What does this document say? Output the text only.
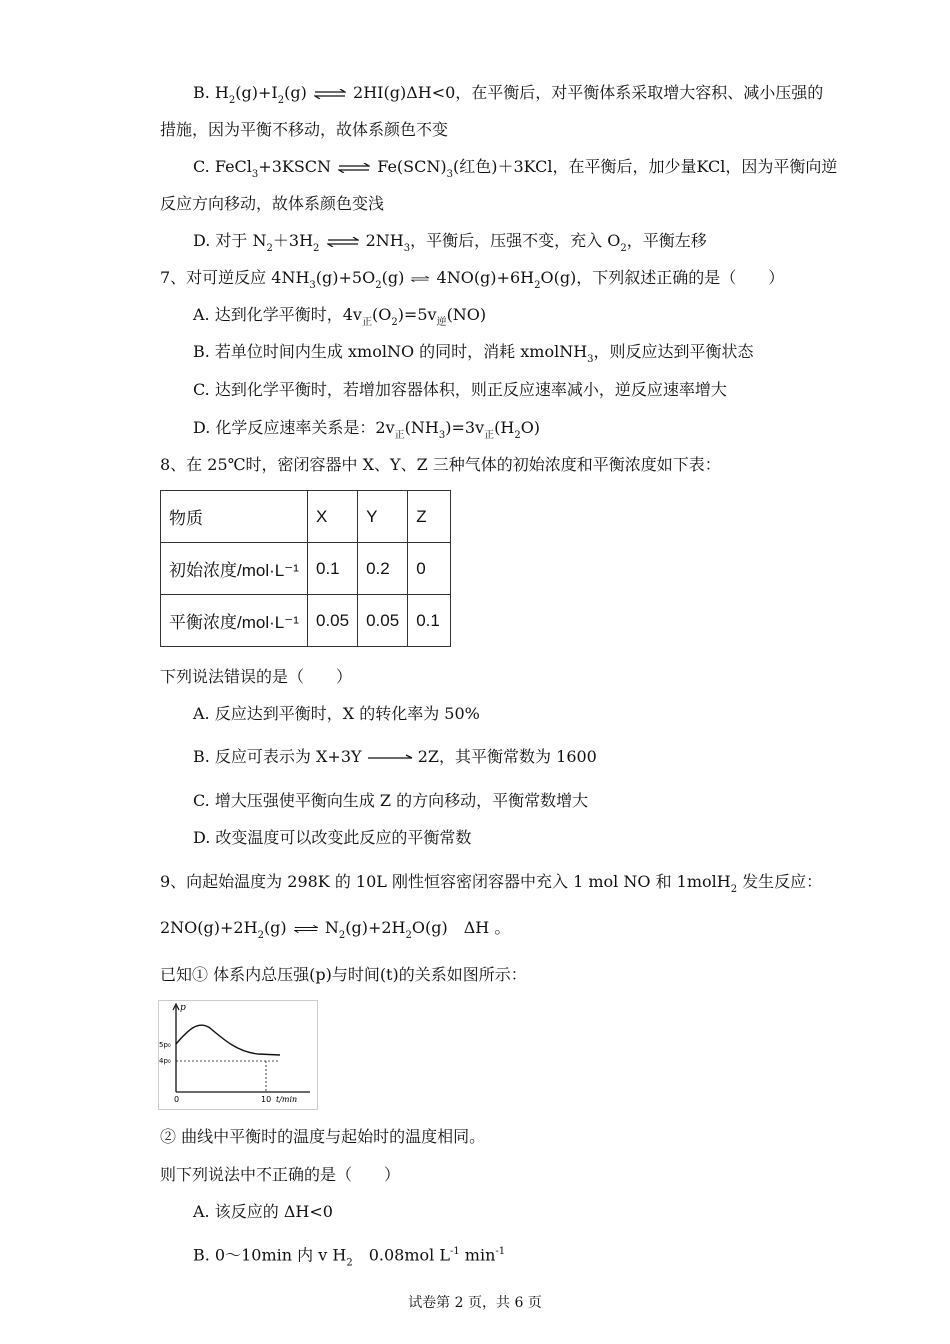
B. $H_2(g)+I_2(g)$ ⇌ 2HI(g)ΔH<0，在平衡后，对平衡体系采取增大容积、减小压强的
措施，因为平衡不移动，故体系颜色不变
C. FeCl$_3$+3KSCN ⇌ $Fe(SCN)_3$(红色)＋3KCl，在平衡后，加少量KCl，因为平衡向逆
反应方向移动，故体系颜色变浅
D. 对于 $N_2+3H_2$ ⇌ $2NH_3$，平衡后，压强不变，充入 $O_2$，平衡左移
7、对可逆反应 $4NH_3(g)+5O_2(g)$ ⇌ $4NO(g)+6H_2O(g)$，下列叙述正确的是（　　）
A. 达到化学平衡时，$4v_正(O_2)=5v_逆(NO)$
B. 若单位时间内生成 xmolNO 的同时，消耗 xmolNH$_3$，则反应达到平衡状态
C. 达到化学平衡时，若增加容器体积，则正反应速率减小，逆反应速率增大
D. 化学反应速率关系是：$2v_正(NH_3)=3v_正(H_2O)$
8、在 25℃时，密闭容器中 X、Y、Z 三种气体的初始浓度和平衡浓度如下表：
物质	X	Y	Z
初始浓度/mol·L⁻¹	0.1	0.2	0
平衡浓度/mol·L⁻¹	0.05	0.05	0.1
下列说法错误的是（　　）
A. 反应达到平衡时，X 的转化率为 50%
B. 反应可表示为 X+3Y → 2Z，其平衡常数为 1600
C. 增大压强使平衡向生成 Z 的方向移动，平衡常数增大
D. 改变温度可以改变此反应的平衡常数
9、向起始温度为 298K 的 10L 刚性恒容密闭容器中充入 1 mol NO 和 1molH$_2$ 发生反应：
$2NO(g)+2H_2(g)$ ⇌ $N_2(g)+2H_2O(g)$　ΔH 。
已知① 体系内总压强(p)与时间(t)的关系如图所示：
p
5p₀
4p₀
0	10 t/min
② 曲线中平衡时的温度与起始时的温度相同。
则下列说法中不正确的是（　　）
A. 该反应的 ΔH<0
B. 0～10min 内 v $H_2$　0.08mol $L^{-1}$ $\min^{-1}$
试卷第 2 页，共 6 页
